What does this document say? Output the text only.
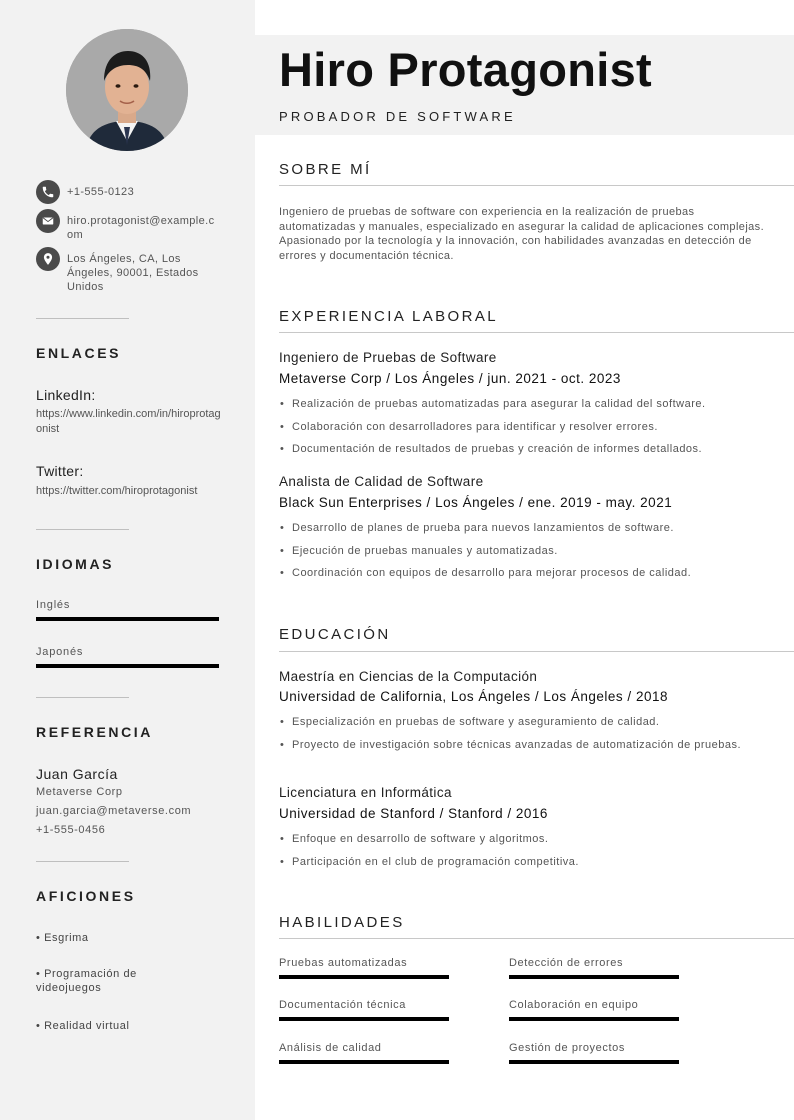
+1-555-0123
hiro.protagonist@example.com
Los Ángeles, CA, Los Ángeles, 90001, Estados Unidos
ENLACES
LinkedIn:
https://www.linkedin.com/in/hiroprotagonist
Twitter:
https://twitter.com/hiroprotagonist
IDIOMAS
Inglés
Japonés
REFERENCIA
Juan García
Metaverse Corp
juan.garcia@metaverse.com
+1-555-0456
AFICIONES
• Esgrima
• Programación de videojuegos
• Realidad virtual
Hiro Protagonist
PROBADOR DE SOFTWARE
SOBRE MÍ
Ingeniero de pruebas de software con experiencia en la realización de pruebas automatizadas y manuales, especializado en asegurar la calidad de aplicaciones complejas. Apasionado por la tecnología y la innovación, con habilidades avanzadas en detección de errores y documentación técnica.
EXPERIENCIA LABORAL
Ingeniero de Pruebas de Software
Metaverse Corp / Los Ángeles / jun. 2021 - oct. 2023
• Realización de pruebas automatizadas para asegurar la calidad del software.
• Colaboración con desarrolladores para identificar y resolver errores.
• Documentación de resultados de pruebas y creación de informes detallados.
Analista de Calidad de Software
Black Sun Enterprises / Los Ángeles / ene. 2019 - may. 2021
• Desarrollo de planes de prueba para nuevos lanzamientos de software.
• Ejecución de pruebas manuales y automatizadas.
• Coordinación con equipos de desarrollo para mejorar procesos de calidad.
EDUCACIÓN
Maestría en Ciencias de la Computación
Universidad de California, Los Ángeles / Los Ángeles / 2018
• Especialización en pruebas de software y aseguramiento de calidad.
• Proyecto de investigación sobre técnicas avanzadas de automatización de pruebas.
Licenciatura en Informática
Universidad de Stanford / Stanford / 2016
• Enfoque en desarrollo de software y algoritmos.
• Participación en el club de programación competitiva.
HABILIDADES
Pruebas automatizadas	Detección de errores
Documentación técnica	Colaboración en equipo
Análisis de calidad	Gestión de proyectos
